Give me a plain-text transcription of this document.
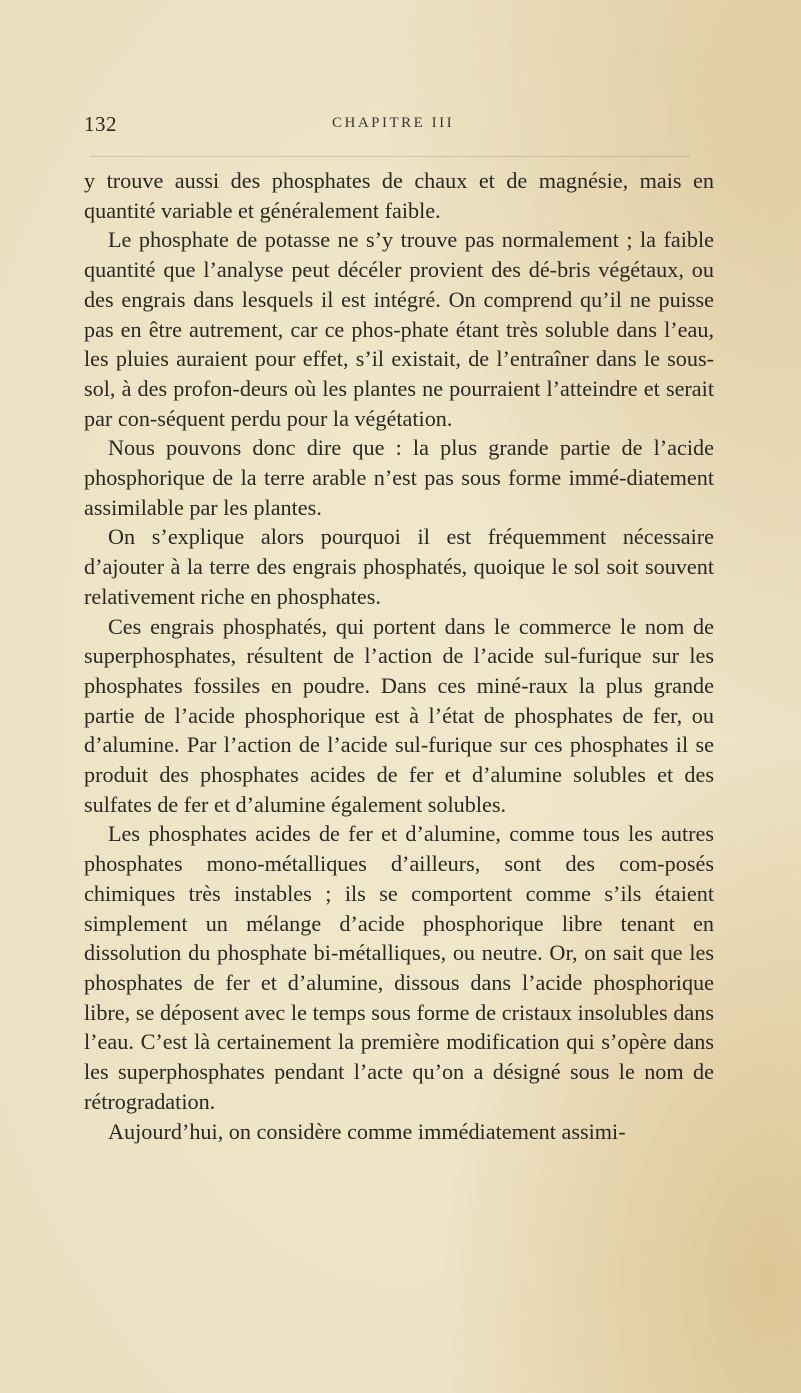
132	CHAPITRE III

y trouve aussi des phosphates de chaux et de magnésie, mais en quantité variable et généralement faible.

Le phosphate de potasse ne s’y trouve pas normalement ; la faible quantité que l’analyse peut décéler provient des dé-bris végétaux, ou des engrais dans lesquels il est intégré. On comprend qu’il ne puisse pas en être autrement, car ce phos-phate étant très soluble dans l’eau, les pluies auraient pour effet, s’il existait, de l’entraîner dans le sous-sol, à des profon-deurs où les plantes ne pourraient l’atteindre et serait par con-séquent perdu pour la végétation.

Nous pouvons donc dire que : la plus grande partie de l’acide phosphorique de la terre arable n’est pas sous forme immé-diatement assimilable par les plantes.

On s’explique alors pourquoi il est fréquemment nécessaire d’ajouter à la terre des engrais phosphatés, quoique le sol soit souvent relativement riche en phosphates.

Ces engrais phosphatés, qui portent dans le commerce le nom de superphosphates, résultent de l’action de l’acide sul-furique sur les phosphates fossiles en poudre. Dans ces miné-raux la plus grande partie de l’acide phosphorique est à l’état de phosphates de fer, ou d’alumine. Par l’action de l’acide sul-furique sur ces phosphates il se produit des phosphates acides de fer et d’alumine solubles et des sulfates de fer et d’alumine également solubles.

Les phosphates acides de fer et d’alumine, comme tous les autres phosphates mono-métalliques d’ailleurs, sont des com-posés chimiques très instables ; ils se comportent comme s’ils étaient simplement un mélange d’acide phosphorique libre tenant en dissolution du phosphate bi-métalliques, ou neutre. Or, on sait que les phosphates de fer et d’alumine, dissous dans l’acide phosphorique libre, se déposent avec le temps sous forme de cristaux insolubles dans l’eau. C’est là certainement la première modification qui s’opère dans les superphosphates pendant l’acte qu’on a désigné sous le nom de rétrogradation.

Aujourd’hui, on considère comme immédiatement assimi-
